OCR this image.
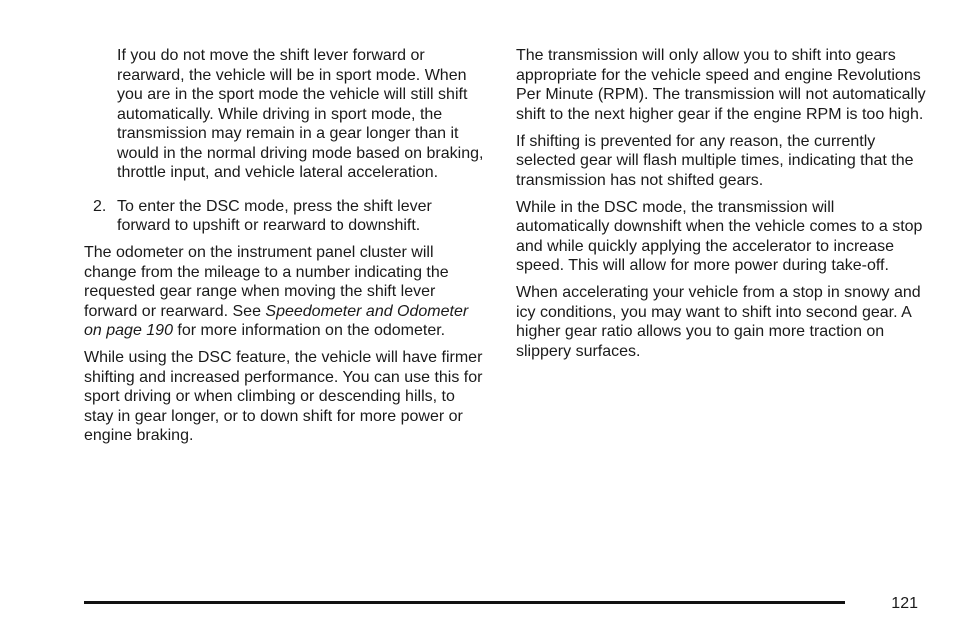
If you do not move the shift lever forward or rearward, the vehicle will be in sport mode. When you are in the sport mode the vehicle will still shift automatically. While driving in sport mode, the transmission may remain in a gear longer than it would in the normal driving mode based on braking, throttle input, and vehicle lateral acceleration.

2. To enter the DSC mode, press the shift lever forward to upshift or rearward to downshift.

The odometer on the instrument panel cluster will change from the mileage to a number indicating the requested gear range when moving the shift lever forward or rearward. See Speedometer and Odometer on page 190 for more information on the odometer.

While using the DSC feature, the vehicle will have firmer shifting and increased performance. You can use this for sport driving or when climbing or descending hills, to stay in gear longer, or to down shift for more power or engine braking.

The transmission will only allow you to shift into gears appropriate for the vehicle speed and engine Revolutions Per Minute (RPM). The transmission will not automatically shift to the next higher gear if the engine RPM is too high.

If shifting is prevented for any reason, the currently selected gear will flash multiple times, indicating that the transmission has not shifted gears.

While in the DSC mode, the transmission will automatically downshift when the vehicle comes to a stop and while quickly applying the accelerator to increase speed. This will allow for more power during take-off.

When accelerating your vehicle from a stop in snowy and icy conditions, you may want to shift into second gear. A higher gear ratio allows you to gain more traction on slippery surfaces.

121
